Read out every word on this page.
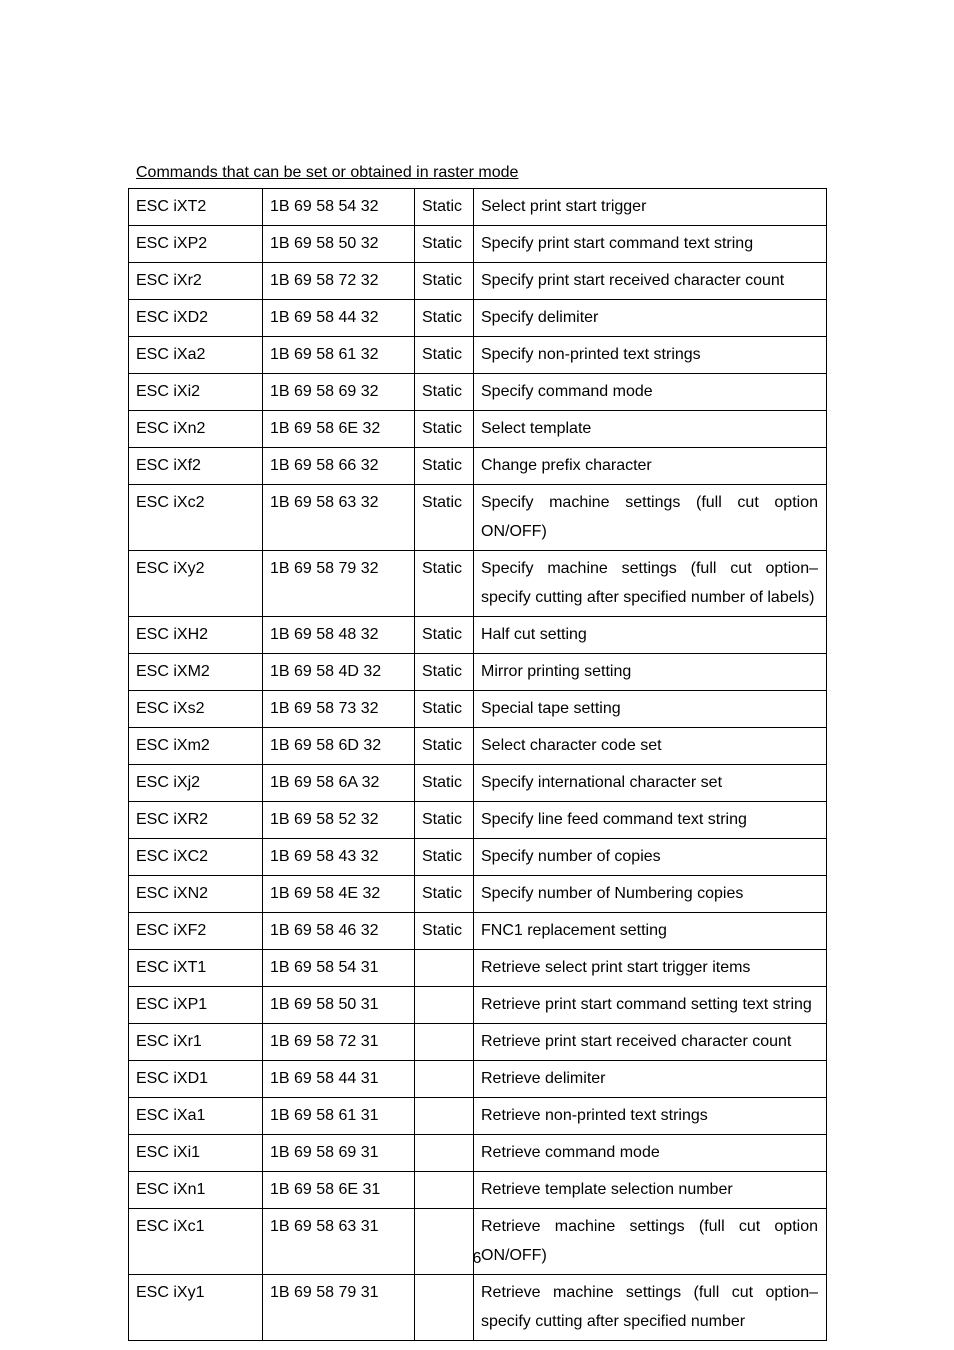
Commands that can be set or obtained in raster mode
ESC iXT2	1B 69 58 54 32	Static	Select print start trigger
ESC iXP2	1B 69 58 50 32	Static	Specify print start command text string
ESC iXr2	1B 69 58 72 32	Static	Specify print start received character count
ESC iXD2	1B 69 58 44 32	Static	Specify delimiter
ESC iXa2	1B 69 58 61 32	Static	Specify non-printed text strings
ESC iXi2	1B 69 58 69 32	Static	Specify command mode
ESC iXn2	1B 69 58 6E 32	Static	Select template
ESC iXf2	1B 69 58 66 32	Static	Change prefix character
ESC iXc2	1B 69 58 63 32	Static	Specify machine settings (full cut option ON/OFF)
ESC iXy2	1B 69 58 79 32	Static	Specify machine settings (full cut option–specify cutting after specified number of labels)
ESC iXH2	1B 69 58 48 32	Static	Half cut setting
ESC iXM2	1B 69 58 4D 32	Static	Mirror printing setting
ESC iXs2	1B 69 58 73 32	Static	Special tape setting
ESC iXm2	1B 69 58 6D 32	Static	Select character code set
ESC iXj2	1B 69 58 6A 32	Static	Specify international character set
ESC iXR2	1B 69 58 52 32	Static	Specify line feed command text string
ESC iXC2	1B 69 58 43 32	Static	Specify number of copies
ESC iXN2	1B 69 58 4E 32	Static	Specify number of Numbering copies
ESC iXF2	1B 69 58 46 32	Static	FNC1 replacement setting
ESC iXT1	1B 69 58 54 31		Retrieve select print start trigger items
ESC iXP1	1B 69 58 50 31		Retrieve print start command setting text string
ESC iXr1	1B 69 58 72 31		Retrieve print start received character count
ESC iXD1	1B 69 58 44 31		Retrieve delimiter
ESC iXa1	1B 69 58 61 31		Retrieve non-printed text strings
ESC iXi1	1B 69 58 69 31		Retrieve command mode
ESC iXn1	1B 69 58 6E 31		Retrieve template selection number
ESC iXc1	1B 69 58 63 31		Retrieve machine settings (full cut option ON/OFF)
ESC iXy1	1B 69 58 79 31		Retrieve machine settings (full cut option–specify cutting after specified number
6
